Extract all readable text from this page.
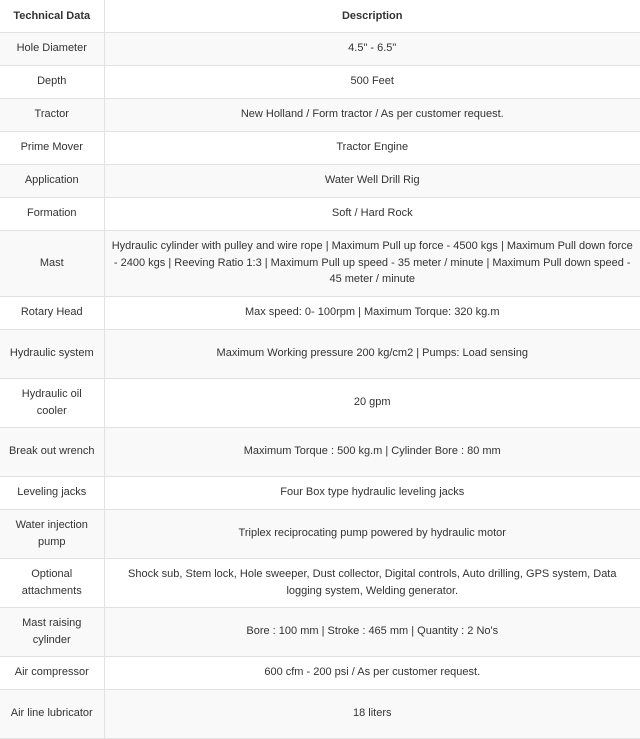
Technical Data	Description
Hole Diameter	4.5" - 6.5"
Depth	500 Feet
Tractor	New Holland / Form tractor / As per customer request.
Prime Mover	Tractor Engine
Application	Water Well Drill Rig
Formation	Soft / Hard Rock
Mast	Hydraulic cylinder with pulley and wire rope | Maximum Pull up force - 4500 kgs | Maximum Pull down force - 2400 kgs | Reeving Ratio 1:3 | Maximum Pull up speed - 35 meter / minute | Maximum Pull down speed - 45 meter / minute
Rotary Head	Max speed: 0- 100rpm | Maximum Torque: 320 kg.m
Hydraulic system	Maximum Working pressure 200 kg/cm2 | Pumps: Load sensing
Hydraulic oil cooler	20 gpm
Break out wrench	Maximum Torque : 500 kg.m | Cylinder Bore : 80 mm
Leveling jacks	Four Box type hydraulic leveling jacks
Water injection pump	Triplex reciprocating pump powered by hydraulic motor
Optional attachments	Shock sub, Stem lock, Hole sweeper, Dust collector, Digital controls, Auto drilling, GPS system, Data logging system, Welding generator.
Mast raising cylinder	Bore : 100 mm | Stroke : 465 mm | Quantity : 2 No's
Air compressor	600 cfm - 200 psi / As per customer request.
Air line lubricator	18 liters
